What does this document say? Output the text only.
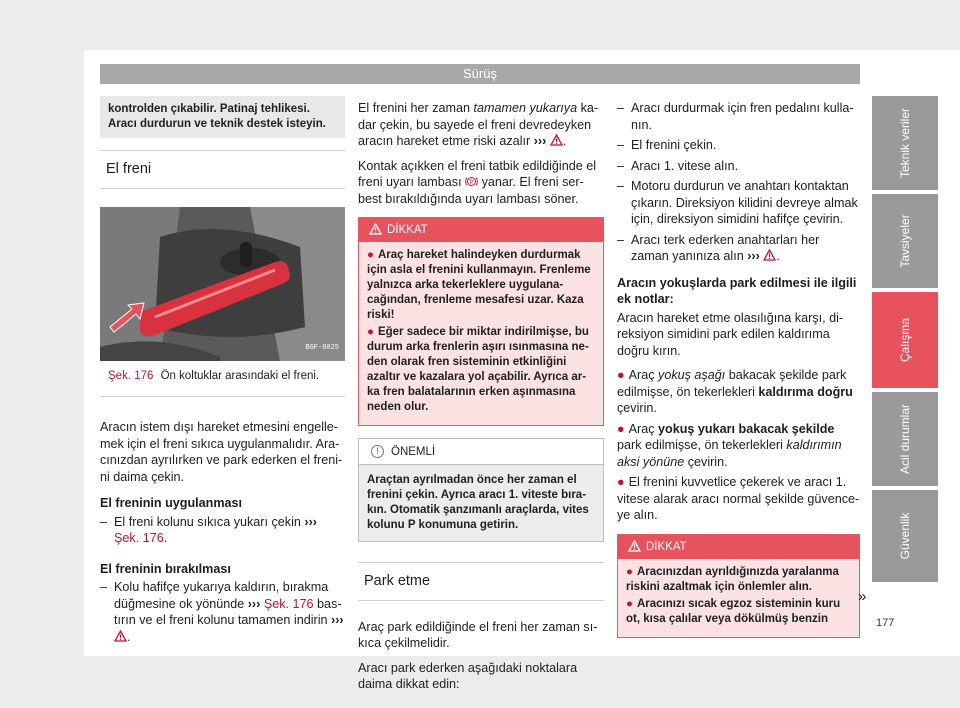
Sürüş
kontrolden çıkabilir. Patinaj tehlikesi. Aracı durdurun ve teknik destek isteyin.
El freni
B6F-0025
Şek. 176 Ön koltuklar arasındaki el freni.

Aracın istem dışı hareket etmesini engelle-mek için el freni sıkıca uygulanmalıdır. Ara-cınızdan ayrılırken ve park ederken el freni-ni daima çekin.

El freninin uygulanması
– El freni kolunu sıkıca yukarı çekin ››› Şek. 176.
El freninin bırakılması
– Kolu hafifçe yukarıya kaldırın, bırakma düğmesine ok yönünde ››› Şek. 176 bas-tırın ve el freni kolunu tamamen indirin ››› .

El frenini her zaman tamamen yukarıya ka-dar çekin, bu sayede el freni devredeyken aracın hareket etme riski azalır ››› .

Kontak açıkken el freni tatbik edildiğinde el freni uyarı lambası P yanar. El freni ser-best bırakıldığında uyarı lambası söner.

DİKKAT
● Araç hareket halindeyken durdurmak için asla el frenini kullanmayın. Frenleme yalnızca arka tekerleklere uygulana-cağından, frenleme mesafesi uzar. Kaza riski!
● Eğer sadece bir miktar indirilmişse, bu durum arka frenlerin aşırı ısınmasına ne-den olarak fren sisteminin etkinliğini azaltır ve kazalara yol açabilir. Ayrıca ar-ka fren balatalarının erken aşınmasına neden olur.
!	ÖNEMLİ
Araçtan ayrılmadan önce her zaman el frenini çekin. Ayrıca aracı 1. viteste bıra-kın. Otomatik şanzımanlı araçlarda, vites kolunu P konumuna getirin.
Park etme

Araç park edildiğinde el freni her zaman sı-kıca çekilmelidir.

Aracı park ederken aşağıdaki noktalara daima dikkat edin:

– Aracı durdurmak için fren pedalını kulla-nın.
– El frenini çekin.
– Aracı 1. vitese alın.
– Motoru durdurun ve anahtarı kontaktan çıkarın. Direksiyon kilidini devreye almak için, direksiyon simidini hafifçe çevirin.
– Aracı terk ederken anahtarları her zaman yanınıza alın ››› .
Aracın yokuşlarda park edilmesi ile ilgili ek notlar:

Aracın hareket etme olasılığına karşı, di-reksiyon simidini park edilen kaldırıma doğru kırın.

● Araç yokuş aşağı bakacak şekilde park edilmişse, ön tekerlekleri kaldırıma doğru çevirin.

● Araç yokuş yukarı bakacak şekilde park edilmişse, ön tekerlekleri kaldırımın aksi yönüne çevirin.

● El frenini kuvvetlice çekerek ve aracı 1. vitese alarak aracı normal şekilde güvence-ye alın.

DİKKAT
● Aracınızdan ayrıldığınızda yaralanma riskini azaltmak için önlemler alın.
● Aracınızı sıcak egzoz sisteminin kuru ot, kısa çalılar veya dökülmüş benzin
»
Teknik veriler
Tavsiyeler
Çalışma
Acil durumlar
Güvenlik
177
